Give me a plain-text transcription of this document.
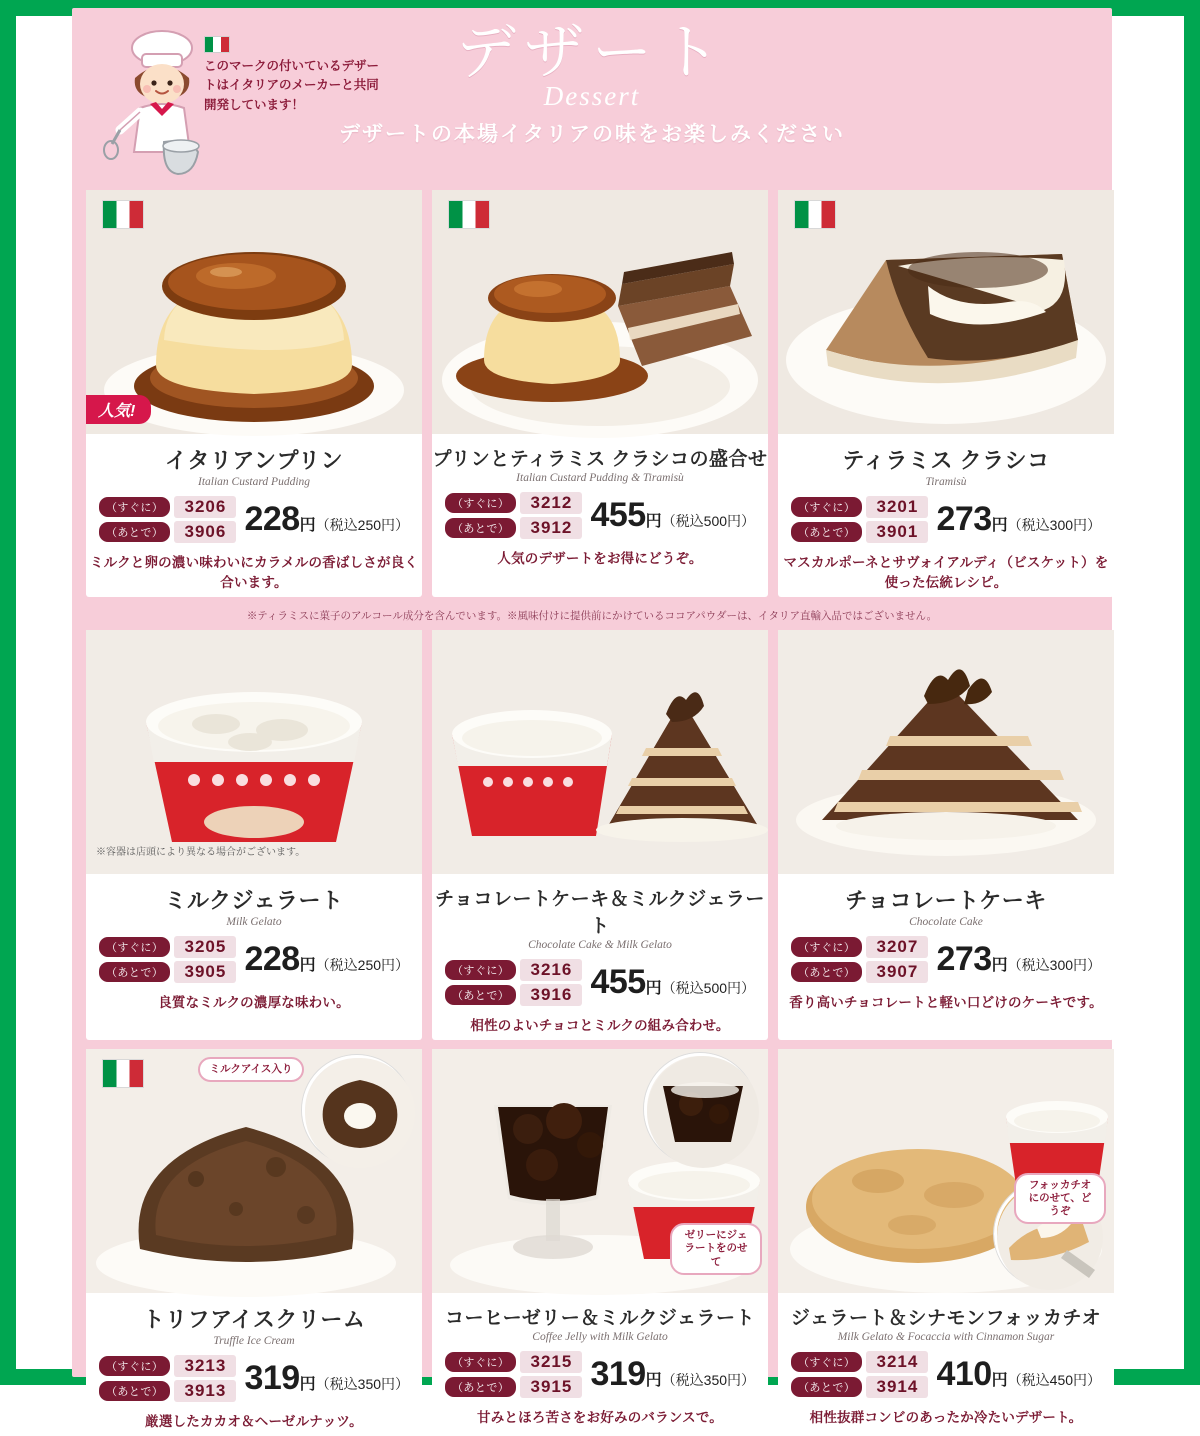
このマークの付いているデザートはイタリアのメーカーと共同開発しています！
デザート
Dessert
デザートの本場イタリアの味をお楽しみください
人気!
イタリアンプリン
Italian Custard Pudding
（すぐに）	3206
（あとで）	3906 228円（税込250円）
ミルクと卵の濃い味わいにカラメルの香ばしさが良く合います。
プリンとティラミス クラシコの盛合せ
Italian Custard Pudding & Tiramisù
（すぐに）	3212
（あとで）	3912 455円（税込500円）
人気のデザートをお得にどうぞ。
ティラミス クラシコ
Tiramisù
（すぐに）	3201
（あとで）	3901 273円（税込300円）
マスカルポーネとサヴォイアルディ（ビスケット）を使った伝統レシピ。
※ティラミスに菓子のアルコール成分を含んでいます。※風味付けに提供前にかけているココアパウダーは、イタリア直輸入品ではございません。
※容器は店頭により異なる場合がございます。
ミルクジェラート
Milk Gelato
（すぐに）	3205
（あとで）	3905 228円（税込250円）
良質なミルクの濃厚な味わい。
チョコレートケーキ＆ミルクジェラート
Chocolate Cake & Milk Gelato
（すぐに）	3216
（あとで）	3916 455円（税込500円）
相性のよいチョコとミルクの組み合わせ。
チョコレートケーキ
Chocolate Cake
（すぐに）	3207
（あとで）	3907 273円（税込300円）
香り高いチョコレートと軽い口どけのケーキです。
ミルクアイス入り
トリフアイスクリーム
Truffle Ice Cream
（すぐに）	3213
（あとで）	3913 319円（税込350円）
厳選したカカオ＆ヘーゼルナッツ。
ゼリーにジェラートをのせて
コーヒーゼリー＆ミルクジェラート
Coffee Jelly with Milk Gelato
（すぐに）	3215
（あとで）	3915 319円（税込350円）
甘みとほろ苦さをお好みのバランスで。
フォッカチオにのせて、どうぞ
ジェラート＆シナモンフォッカチオ
Milk Gelato & Focaccia with Cinnamon Sugar
（すぐに）	3214
（あとで）	3914 410円（税込450円）
相性抜群コンビのあったか冷たいデザート。
